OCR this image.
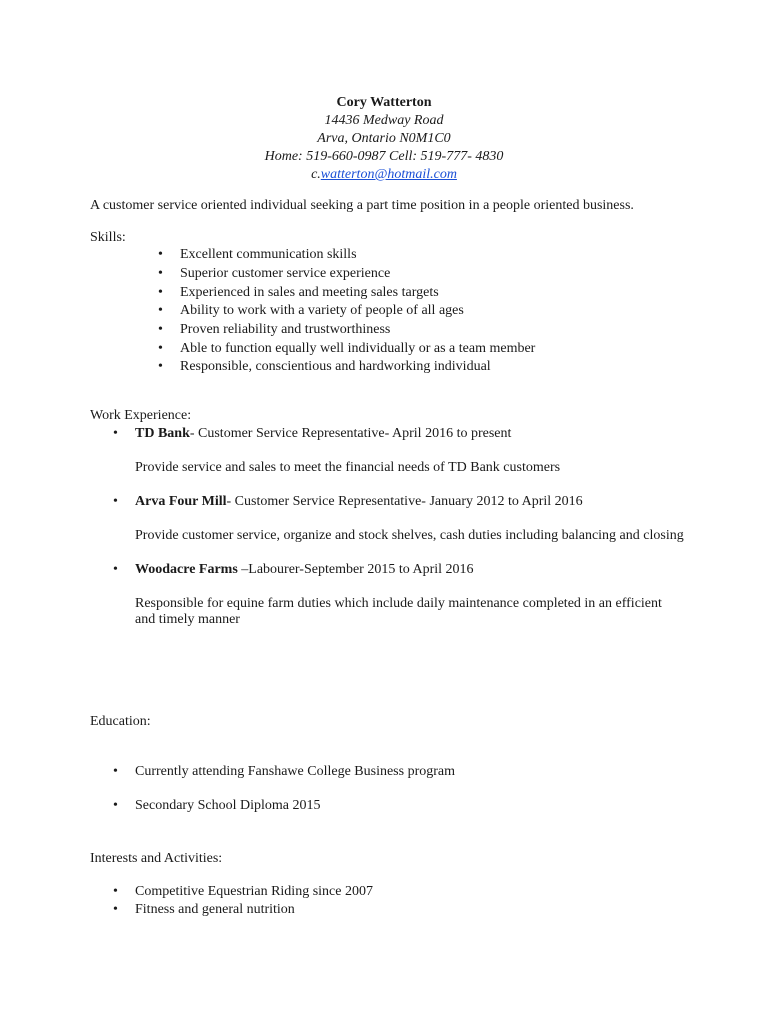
Cory Watterton
14436 Medway Road
Arva, Ontario N0M1C0
Home: 519-660-0987 Cell: 519-777- 4830
c.watterton@hotmail.com
A customer service oriented individual seeking a part time position in a people oriented business.
Skills:
• Excellent communication skills
• Superior customer service experience
• Experienced in sales and meeting sales targets
• Ability to work with a variety of people of all ages
• Proven reliability and trustworthiness
• Able to function equally well individually or as a team member
• Responsible, conscientious and hardworking individual
Work Experience:
• TD Bank- Customer Service Representative- April 2016 to present
Provide service and sales to meet the financial needs of TD Bank customers
• Arva Four Mill- Customer Service Representative- January 2012 to April 2016
Provide customer service, organize and stock shelves, cash duties including balancing and closing
• Woodacre Farms –Labourer-September 2015 to April 2016
Responsible for equine farm duties which include daily maintenance completed in an efficient
and timely manner
Education:
• Currently attending Fanshawe College Business program
• Secondary School Diploma 2015
Interests and Activities:
• Competitive Equestrian Riding since 2007
• Fitness and general nutrition
